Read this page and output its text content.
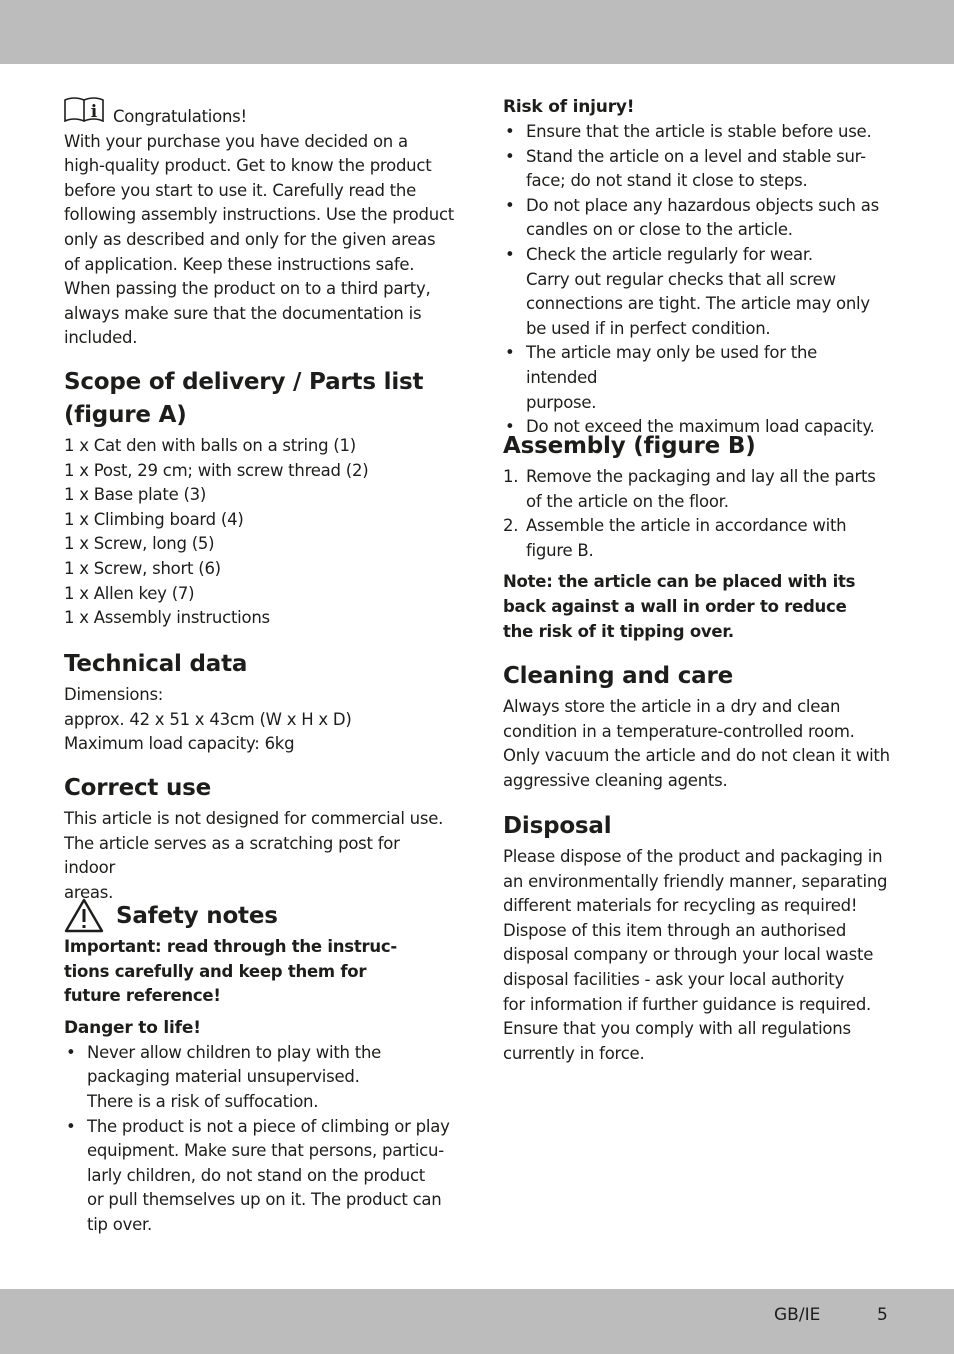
i Congratulations!

With your purchase you have decided on a

high-quality product. Get to know the product

before you start to use it. Carefully read the

following assembly instructions. Use the product

only as described and only for the given areas

of application. Keep these instructions safe.

When passing the product on to a third party,

always make sure that the documentation is

included.

Scope of delivery / Parts list

(figure A)

1 x Cat den with balls on a string (1)

1 x Post, 29 cm; with screw thread (2)

1 x Base plate (3)

1 x Climbing board (4)

1 x Screw, long (5)

1 x Screw, short (6)

1 x Allen key (7)

1 x Assembly instructions

Technical data

Dimensions:

approx. 42 x 51 x 43cm (W x H x D)

Maximum load capacity: 6kg

Correct use

This article is not designed for commercial use.

The article serves as a scratching post for indoor

areas.

Safety notes

Important: read through the instruc-

tions carefully and keep them for

future reference!

Danger to life!

• Never allow children to play with the
packaging material unsupervised.
There is a risk of suffocation.
• The product is not a piece of climbing or play
equipment. Make sure that persons, particu-
larly children, do not stand on the product
or pull themselves up on it. The product can
tip over.

Risk of injury!

• Ensure that the article is stable before use.
• Stand the article on a level and stable sur-
face; do not stand it close to steps.
• Do not place any hazardous objects such as
candles on or close to the article.
• Check the article regularly for wear.
Carry out regular checks that all screw
connections are tight. The article may only
be used if in perfect condition.
• The article may only be used for the intended
purpose.
• Do not exceed the maximum load capacity.

Assembly (figure B)

1. Remove the packaging and lay all the parts
of the article on the floor.
2. Assemble the article in accordance with
figure B.

Note: the article can be placed with its

back against a wall in order to reduce

the risk of it tipping over.

Cleaning and care

Always store the article in a dry and clean

condition in a temperature-controlled room.

Only vacuum the article and do not clean it with

aggressive cleaning agents.

Disposal

Please dispose of the product and packaging in

an environmentally friendly manner, separating

different materials for recycling as required!

Dispose of this item through an authorised

disposal company or through your local waste

disposal facilities - ask your local authority

for information if further guidance is required.

Ensure that you comply with all regulations

currently in force.

GB/IE	5
